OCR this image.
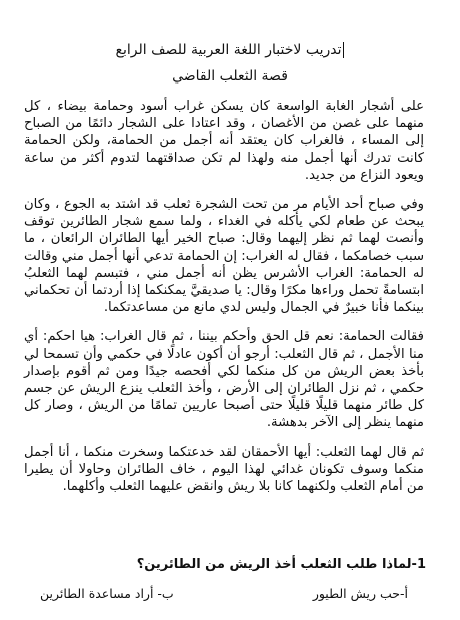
تدريب لاختبار اللغة العربية للصف الرابع
قصة الثعلب القاضي

على أشجار الغابة الواسعة كان يسكن غراب أسود وحمامة بيضاء ، كل منهما على غصن من الأغصان ، وقد اعتادا على الشجار دائمًا من الصباح إلى المساء ، فالغراب كان يعتقد أنه أجمل من الحمامة، ولكن الحمامة كانت تدرك أنها أجمل منه ولهذا لم تكن صداقتهما لتدوم أكثر من ساعة ويعود النزاع من جديد.

وفي صباح أحد الأيام مر من تحت الشجرة ثعلب قد اشتد به الجوع ، وكان يبحث عن طعام لكي يأكله في الغداء ، ولما سمع شجار الطائرين توقف وأنصت لهما ثم نظر إليهما وقال: صباح الخير أيها الطائران الرائعان ، ما سبب خصامكما ، فقال له الغراب: إن الحمامة تدعي أنها أجمل مني وقالت له الحمامة: الغراب الأشرس يظن أنه أجمل مني ، فتبسم لهما الثعلبُ ابتسامةً تحمل وراءها مكرًا وقال: يا صديقيَّ يمكنكما إذا أردتما أن تحكماني بينكما فأنا خبيرٌ في الجمال وليس لدي مانع من مساعدتكما.

فقالت الحمامة: نعم قل الحق وأحكم بيننا ، ثم قال الغراب: هيا احكم: أي منا الأجمل ، ثم قال الثعلب: أرجو أن أكون عادلًا في حكمي وأن تسمحا لي بأخذ بعض الريش من كل منكما لكي أفحصه جيدًا ومن ثم أقوم بإصدار حكمي ، ثم نزل الطائران إلى الأرض ، وأخذ الثعلب ينزع الريش عن جسم كل طائر منهما قليلًا قليلًا حتى أصبحا عاريين تمامًا من الريش ، وصار كل منهما ينظر إلى الآخر بدهشة.

ثم قال لهما الثعلب: أيها الأحمقان لقد خدعتكما وسخرت منكما ، أنا أجمل منكما وسوف تكونان غدائي لهذا اليوم ، خاف الطائران وحاولا أن يطيرا من أمام الثعلب ولكنهما كانا بلا ريش وانقض عليهما الثعلب وأكلهما.

1-لماذا طلب الثعلب أخذ الريش من الطائرين؟
أ-حب ريش الطيور
ب- أراد مساعدة الطائرين
